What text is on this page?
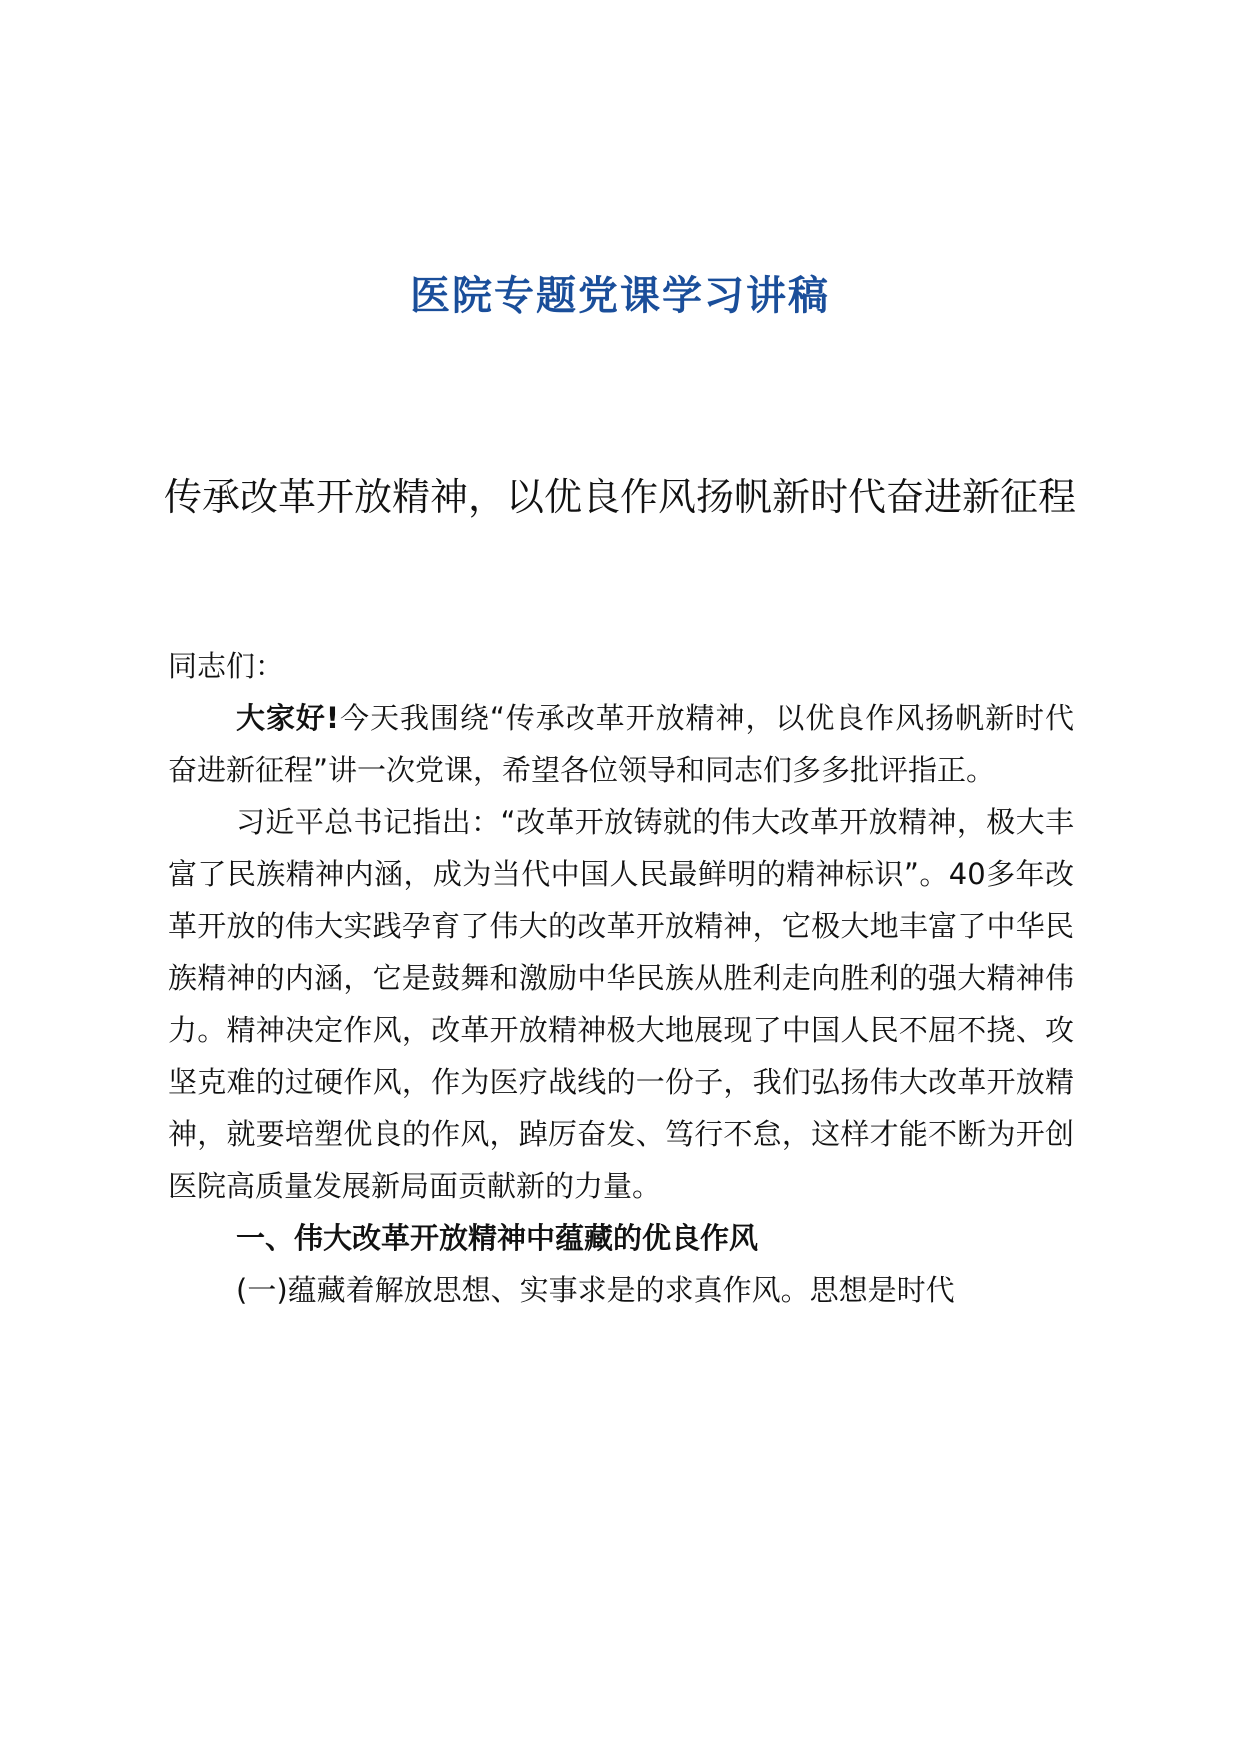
医院专题党课学习讲稿
传承改革开放精神，以优良作风扬帆新时代奋进新征程

同志们：

大家好!今天我围绕“传承改革开放精神，以优良作风扬帆新时代奋进新征程”讲一次党课，希望各位领导和同志们多多批评指正。

习近平总书记指出：“改革开放铸就的伟大改革开放精神，极大丰富了民族精神内涵，成为当代中国人民最鲜明的精神标识”。40多年改革开放的伟大实践孕育了伟大的改革开放精神，它极大地丰富了中华民族精神的内涵，它是鼓舞和激励中华民族从胜利走向胜利的强大精神伟力。精神决定作风，改革开放精神极大地展现了中国人民不屈不挠、攻坚克难的过硬作风，作为医疗战线的一份子，我们弘扬伟大改革开放精神，就要培塑优良的作风，踔厉奋发、笃行不怠，这样才能不断为开创医院高质量发展新局面贡献新的力量。

一、伟大改革开放精神中蕴藏的优良作风

(一)蕴藏着解放思想、实事求是的求真作风。思想是时代
